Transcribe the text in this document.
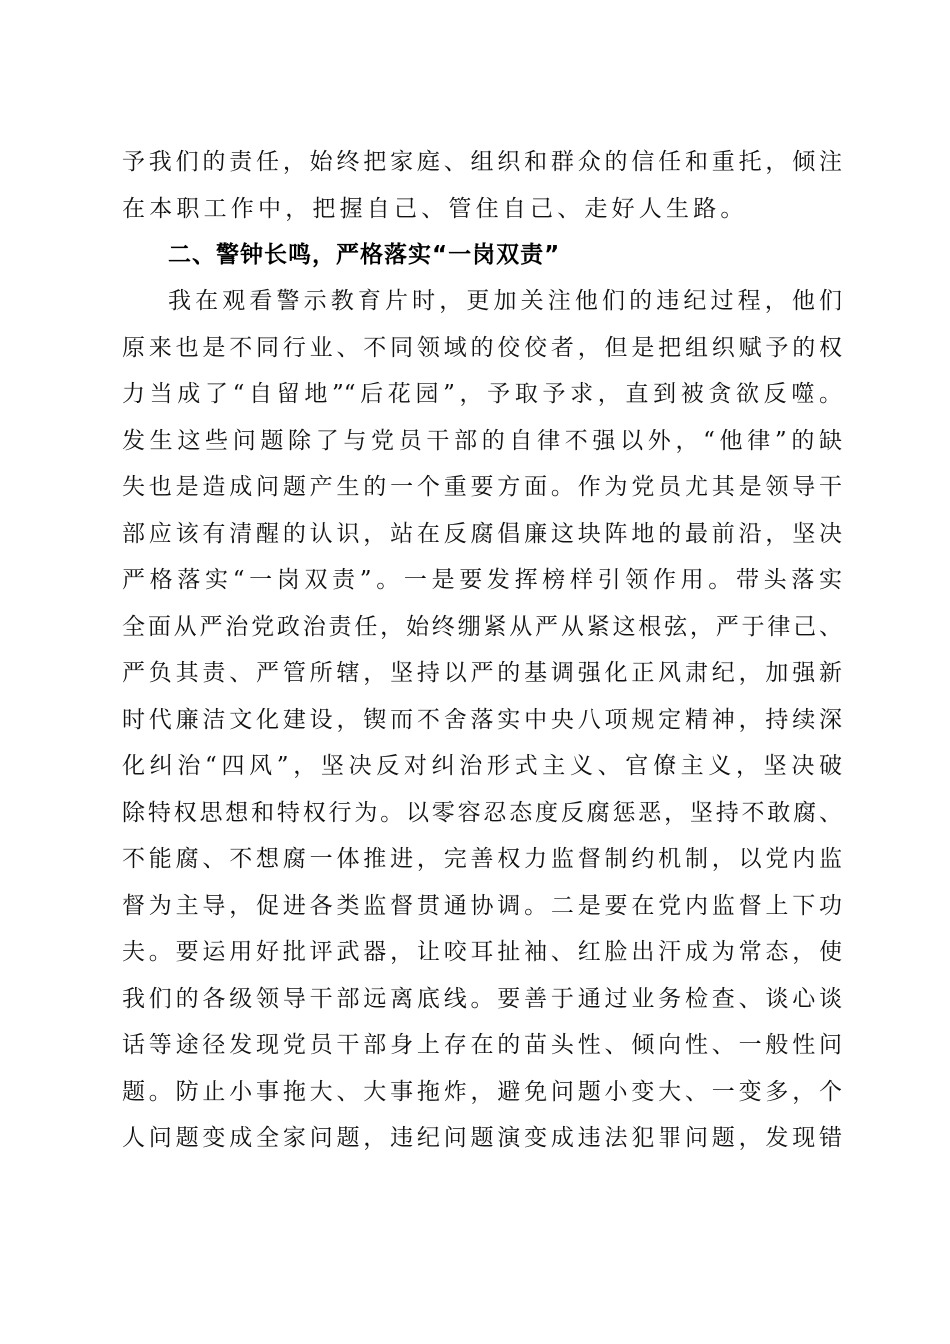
予我们的责任，始终把家庭、组织和群众的信任和重托，倾注
在本职工作中，把握自己、管住自己、走好人生路。
二、警钟长鸣，严格落实“一岗双责”
我在观看警示教育片时，更加关注他们的违纪过程，他们
原来也是不同行业、不同领域的佼佼者，但是把组织赋予的权
力当成了“自留地”“后花园”，予取予求，直到被贪欲反噬。
发生这些问题除了与党员干部的自律不强以外，“他律”的缺
失也是造成问题产生的一个重要方面。作为党员尤其是领导干
部应该有清醒的认识，站在反腐倡廉这块阵地的最前沿，坚决
严格落实“一岗双责”。一是要发挥榜样引领作用。带头落实
全面从严治党政治责任，始终绷紧从严从紧这根弦，严于律己、
严负其责、严管所辖，坚持以严的基调强化正风肃纪，加强新
时代廉洁文化建设，锲而不舍落实中央八项规定精神，持续深
化纠治“四风”，坚决反对纠治形式主义、官僚主义，坚决破
除特权思想和特权行为。以零容忍态度反腐惩恶，坚持不敢腐、
不能腐、不想腐一体推进，完善权力监督制约机制，以党内监
督为主导，促进各类监督贯通协调。二是要在党内监督上下功
夫。要运用好批评武器，让咬耳扯袖、红脸出汗成为常态，使
我们的各级领导干部远离底线。要善于通过业务检查、谈心谈
话等途径发现党员干部身上存在的苗头性、倾向性、一般性问
题。防止小事拖大、大事拖炸，避免问题小变大、一变多，个
人问题变成全家问题，违纪问题演变成违法犯罪问题，发现错
